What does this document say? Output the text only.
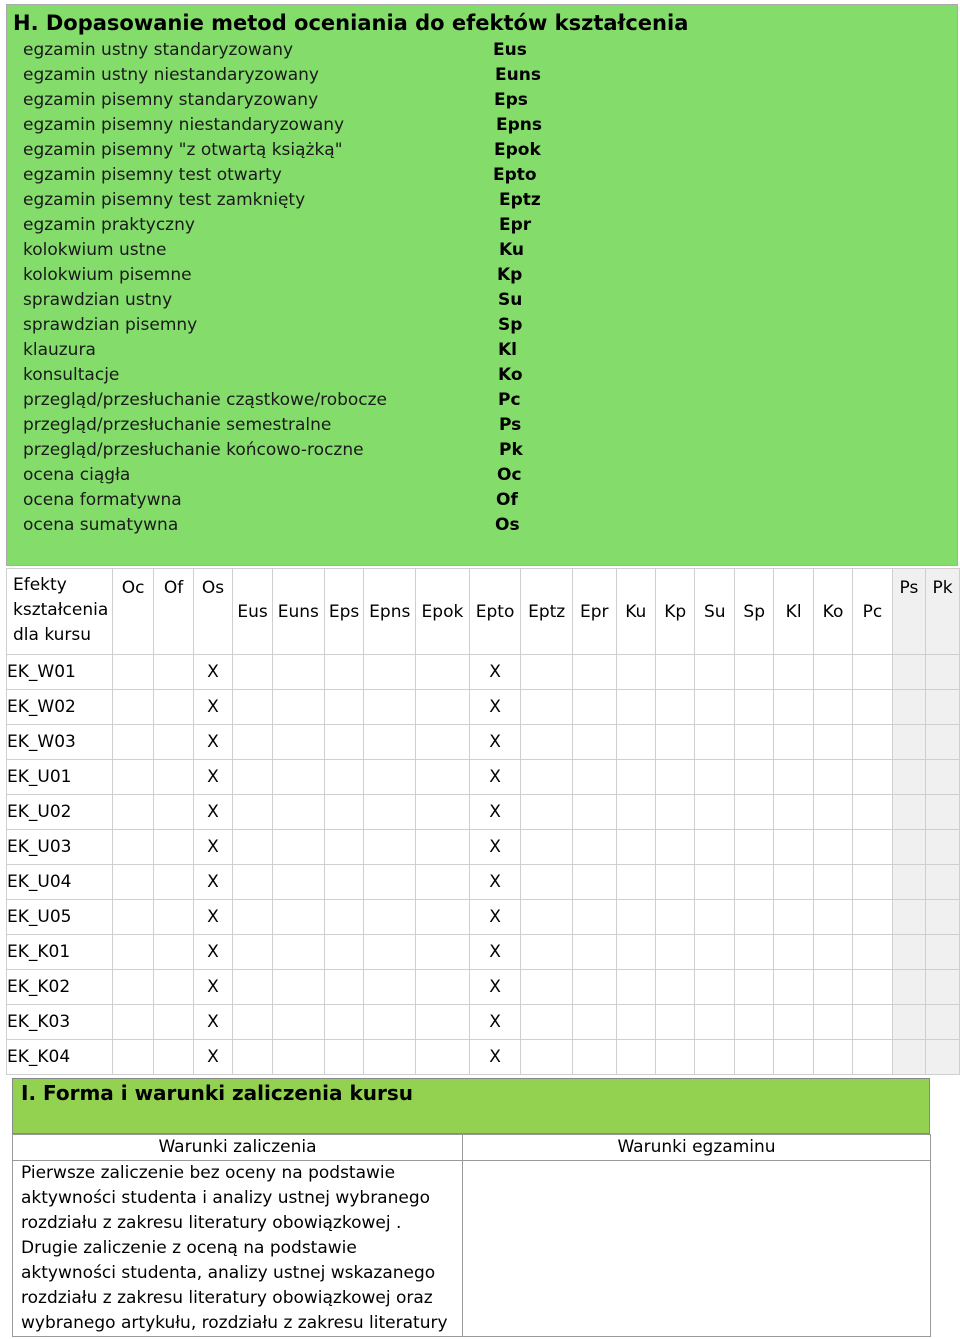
H. Dopasowanie metod oceniania do efektów kształcenia
egzamin ustny standaryzowany	Eus
egzamin ustny niestandaryzowany	Euns
egzamin pisemny standaryzowany	Eps
egzamin pisemny niestandaryzowany	Epns
egzamin pisemny "z otwartą książką"	Epok
egzamin pisemny test otwarty	Epto
egzamin pisemny test zamknięty	Eptz
egzamin praktyczny	Epr
kolokwium ustne	Ku
kolokwium pisemne	Kp
sprawdzian ustny	Su
sprawdzian pisemny	Sp
klauzura	Kl
konsultacje	Ko
przegląd/przesłuchanie cząstkowe/robocze	Pc
przegląd/przesłuchanie semestralne	Ps
przegląd/przesłuchanie końcowo-roczne	Pk
ocena ciągła	Oc
ocena formatywna	Of
ocena sumatywna	Os
Efekty kształcenia dla kursu	Oc	Of	Os	Eus	Euns	Eps	Epns	Epok	Epto	Eptz	Epr	Ku	Kp	Su	Sp	Kl	Ko	Pc	Ps	Pk

EK_W01			X						X											

EK_W02			X						X											

EK_W03			X						X											

EK_U01			X						X											

EK_U02			X						X											

EK_U03			X						X											

EK_U04			X						X											

EK_U05			X						X											

EK_K01			X						X											

EK_K02			X						X											

EK_K03			X						X											

EK_K04			X						X											

I. Forma i warunki zaliczenia kursu
Warunki zaliczenia	Warunki egzaminu

Pierwsze zaliczenie bez oceny na podstawie aktywności studenta i analizy ustnej wybranego rozdziału z zakresu literatury obowiązkowej . Drugie zaliczenie z oceną na podstawie aktywności studenta, analizy ustnej wskazanego rozdziału z zakresu literatury obowiązkowej oraz wybranego artykułu, rozdziału z zakresu literatury	
